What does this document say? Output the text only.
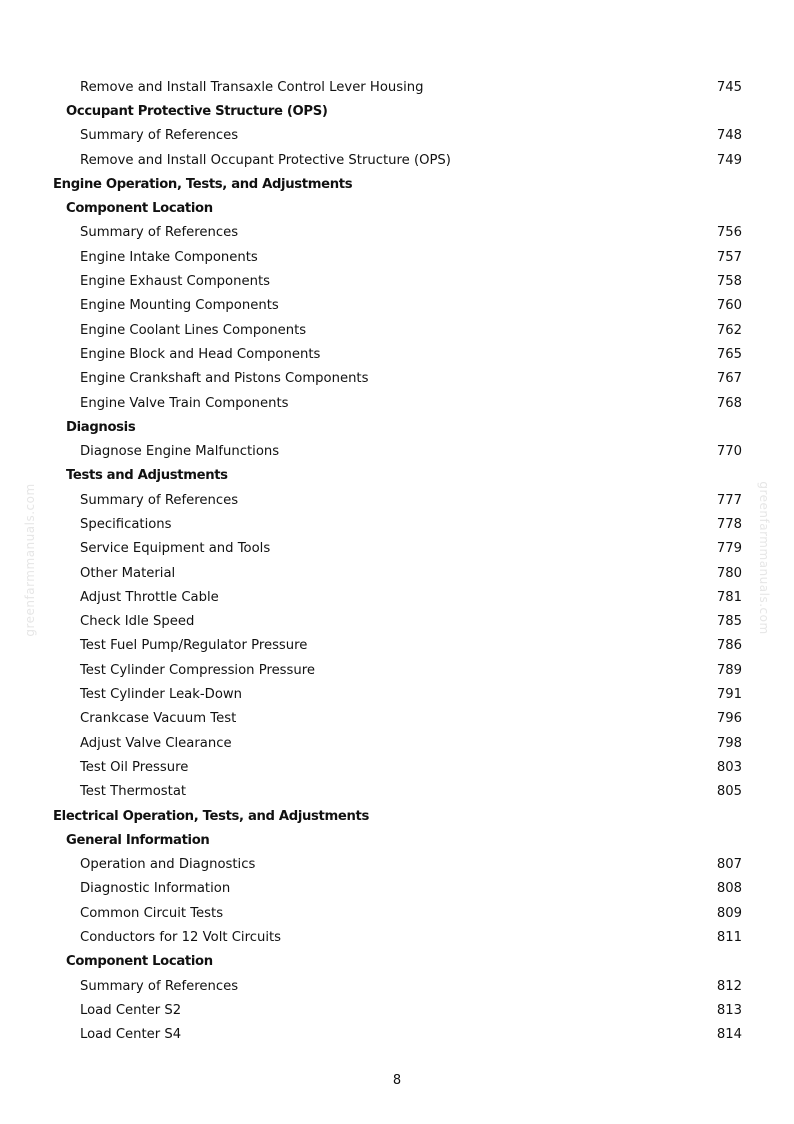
greenfarmmanuals.com	greenfarmmanuals.com
Remove and Install Transaxle Control Lever Housing	745
Occupant Protective Structure (OPS)
Summary of References	748
Remove and Install Occupant Protective Structure (OPS)	749
Engine Operation, Tests, and Adjustments
Component Location
Summary of References	756
Engine Intake Components	757
Engine Exhaust Components	758
Engine Mounting Components	760
Engine Coolant Lines Components	762
Engine Block and Head Components	765
Engine Crankshaft and Pistons Components	767
Engine Valve Train Components	768
Diagnosis
Diagnose Engine Malfunctions	770
Tests and Adjustments
Summary of References	777
Specifications	778
Service Equipment and Tools	779
Other Material	780
Adjust Throttle Cable	781
Check Idle Speed	785
Test Fuel Pump/Regulator Pressure	786
Test Cylinder Compression Pressure	789
Test Cylinder Leak-Down	791
Crankcase Vacuum Test	796
Adjust Valve Clearance	798
Test Oil Pressure	803
Test Thermostat	805
Electrical Operation, Tests, and Adjustments
General Information
Operation and Diagnostics	807
Diagnostic Information	808
Common Circuit Tests	809
Conductors for 12 Volt Circuits	811
Component Location
Summary of References	812
Load Center S2	813
Load Center S4	814
8
